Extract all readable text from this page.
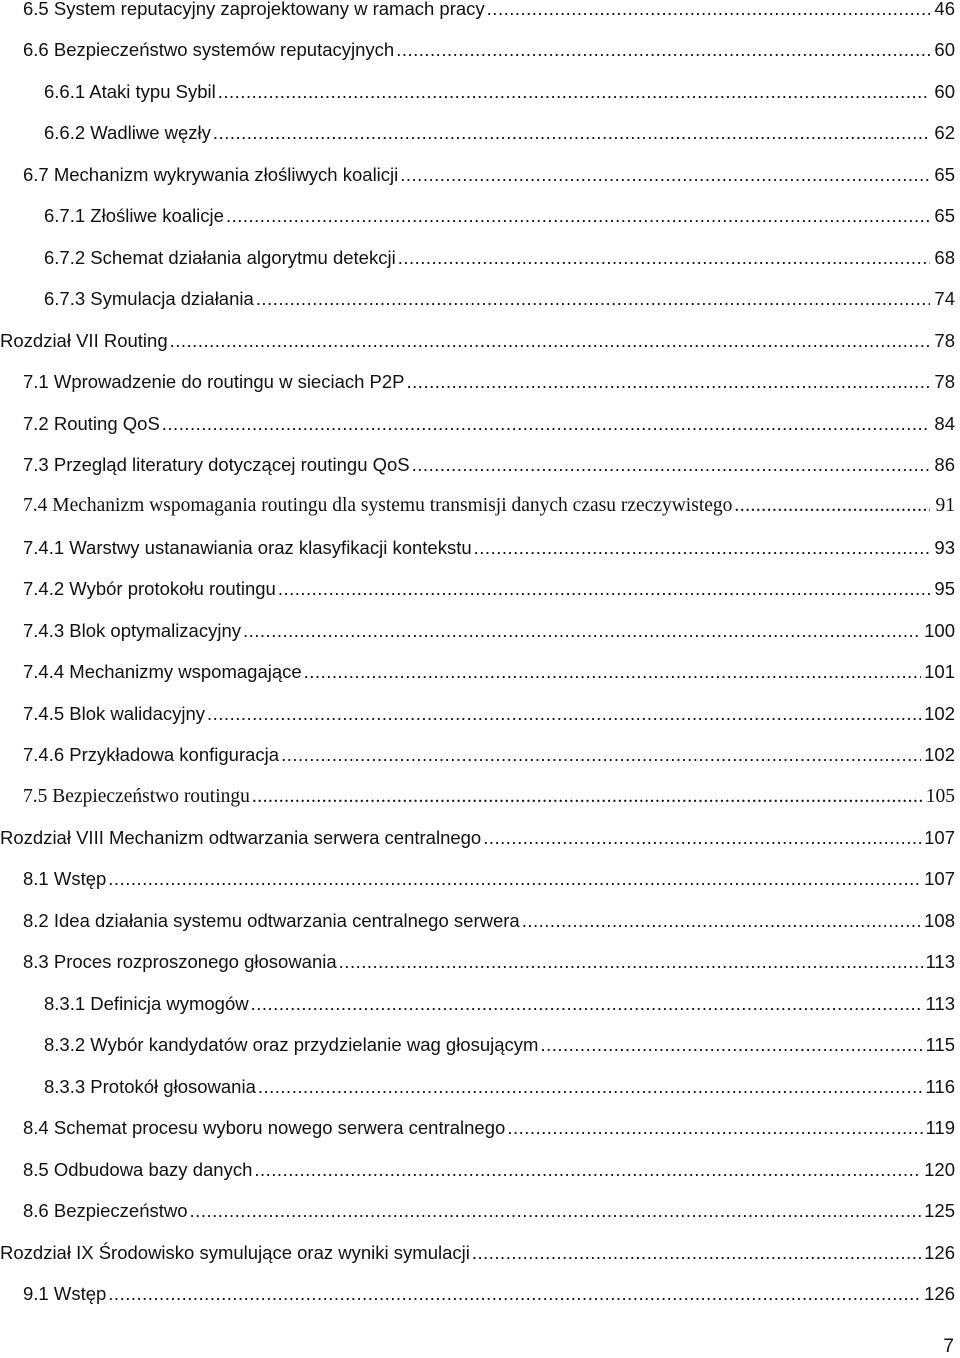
6.5 System reputacyjny zaprojektowany w ramach pracy .....	46
6.6 Bezpieczeństwo systemów reputacyjnych .....	60
6.6.1 Ataki typu Sybil .....	60
6.6.2 Wadliwe węzły .....	62
6.7 Mechanizm wykrywania złośliwych koalicji .....	65
6.7.1 Złośliwe koalicje .....	65
6.7.2 Schemat działania algorytmu detekcji .....	68
6.7.3 Symulacja działania .....	74
Rozdział VII Routing .....	78
7.1 Wprowadzenie do routingu w sieciach P2P .....	78
7.2 Routing QoS .....	84
7.3 Przegląd literatury dotyczącej routingu QoS .....	86
7.4 Mechanizm wspomagania routingu dla systemu transmisji danych czasu rzeczywistego .....	91
7.4.1 Warstwy ustanawiania oraz klasyfikacji kontekstu .....	93
7.4.2 Wybór protokołu routingu .....	95
7.4.3 Blok optymalizacyjny .....	100
7.4.4 Mechanizmy wspomagające .....	101
7.4.5 Blok walidacyjny .....	102
7.4.6 Przykładowa konfiguracja .....	102
7.5 Bezpieczeństwo routingu .....	105
Rozdział VIII Mechanizm odtwarzania serwera centralnego .....	107
8.1 Wstęp .....	107
8.2 Idea działania systemu odtwarzania centralnego serwera .....	108
8.3 Proces rozproszonego głosowania .....	113
8.3.1 Definicja wymogów .....	113
8.3.2 Wybór kandydatów oraz przydzielanie wag głosującym .....	115
8.3.3 Protokół głosowania .....	116
8.4 Schemat procesu wyboru nowego serwera centralnego .....	119
8.5 Odbudowa bazy danych .....	120
8.6 Bezpieczeństwo .....	125
Rozdział IX Środowisko symulujące oraz wyniki symulacji .....	126
9.1 Wstęp .....	126
7
